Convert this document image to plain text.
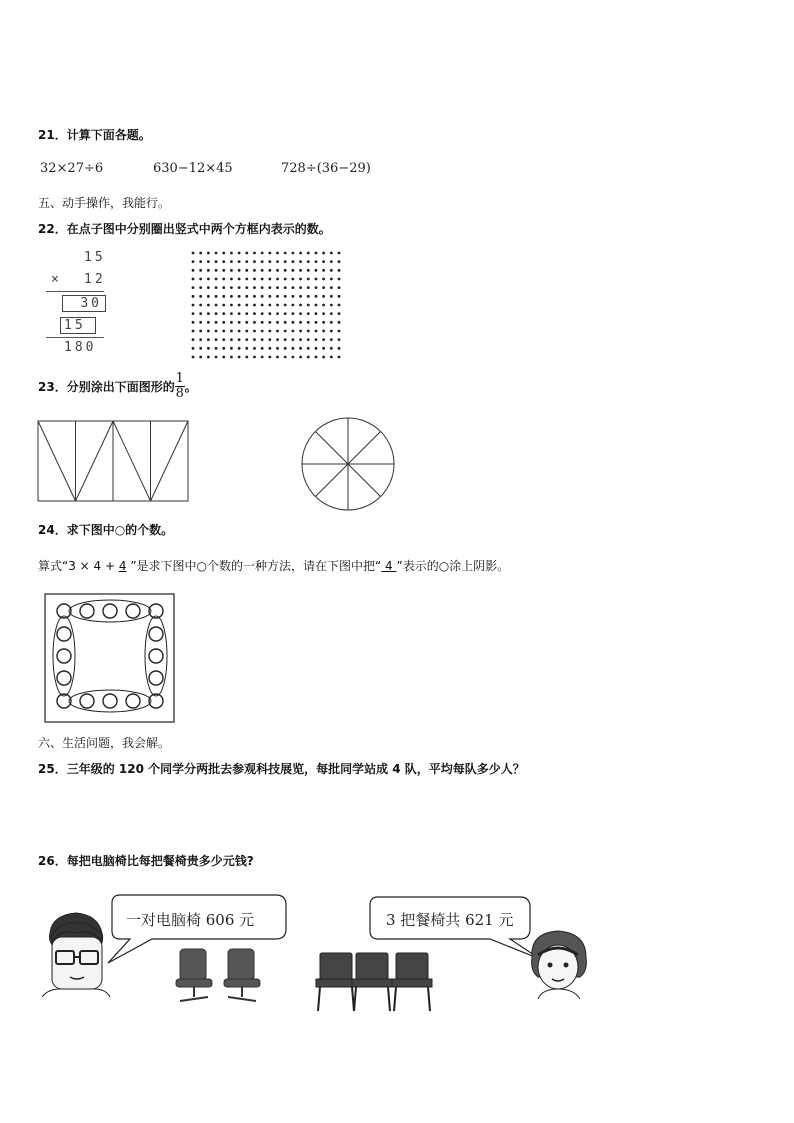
21．计算下面各题。
32×27÷6	630−12×45	728÷(36−29)
五、动手操作，我能行。
22．在点子图中分别圈出竖式中两个方框内表示的数。
15
× 12
30
15
180
23．分别涂出下面图形的 $\frac{1}{8}$ 。
24．求下图中○的个数。
算式“3 × 4 + 4 ”是求下图中○个数的一种方法，请在下图中把“ 4 ”表示的○涂上阴影。
六、生活问题，我会解。
25．三年级的 120 个同学分两批去参观科技展览，每批同学站成 4 队，平均每队多少人？
26．每把电脑椅比每把餐椅贵多少元钱?
一对电脑椅 606 元	3 把餐椅共 621 元
